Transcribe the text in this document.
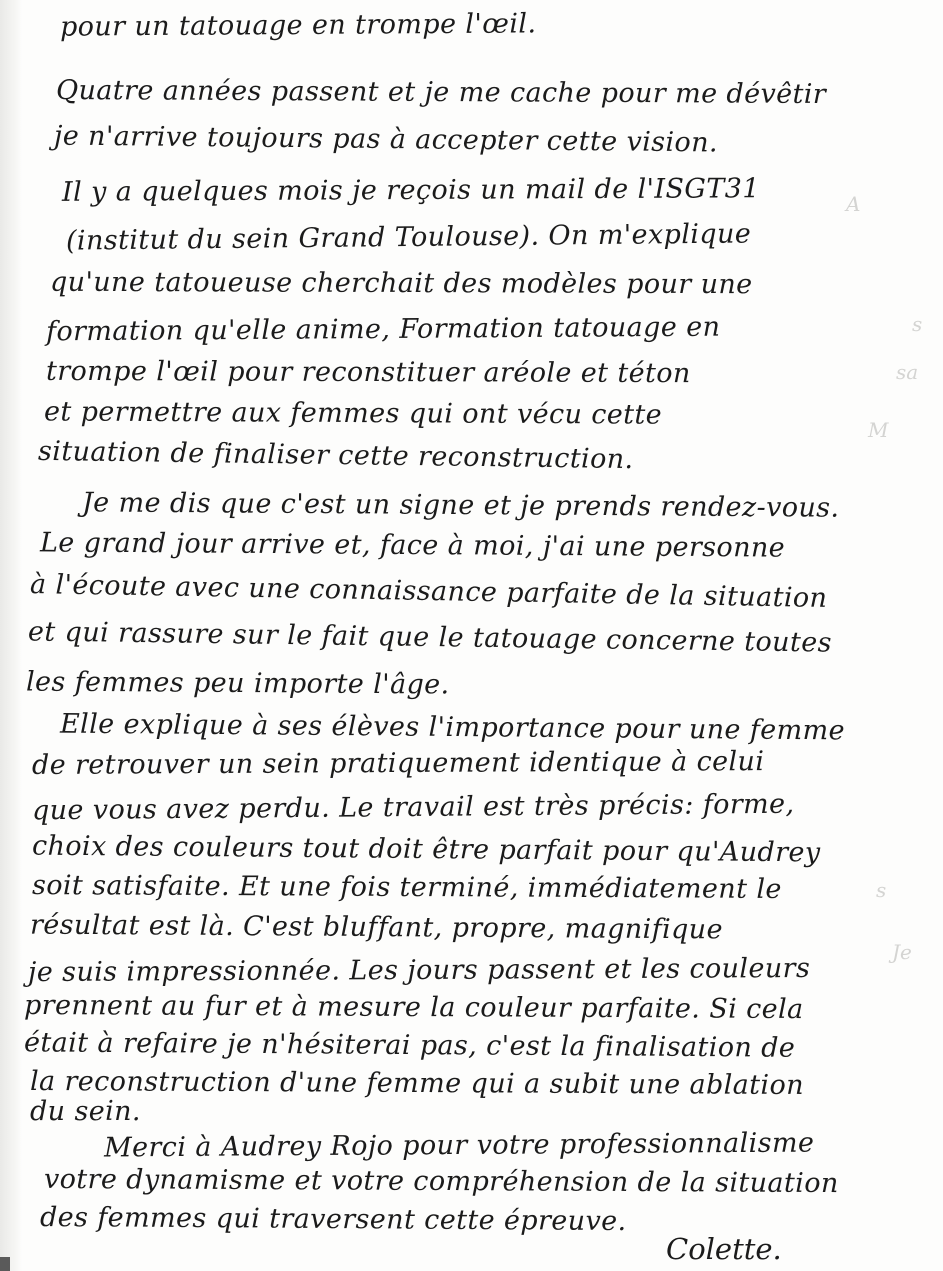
A
s
sa
M
s
Je
pour un tatouage en trompe l'œil.
Quatre années passent et je me cache pour me dévêtir
je n'arrive toujours pas à accepter cette vision.
Il y a quelques mois je reçois un mail de l'ISGT31
(institut du sein Grand Toulouse). On m'explique
qu'une tatoueuse cherchait des modèles pour une
formation qu'elle anime, Formation tatouage en
trompe l'œil pour reconstituer aréole et téton
et permettre aux femmes qui ont vécu cette
situation de finaliser cette reconstruction.
Je me dis que c'est un signe et je prends rendez-vous.
Le grand jour arrive et, face à moi, j'ai une personne
à l'écoute avec une connaissance parfaite de la situation
et qui rassure sur le fait que le tatouage concerne toutes
les femmes peu importe l'âge.
Elle explique à ses élèves l'importance pour une femme
de retrouver un sein pratiquement identique à celui
que vous avez perdu. Le travail est très précis: forme,
choix des couleurs tout doit être parfait pour qu'Audrey
soit satisfaite. Et une fois terminé, immédiatement le
résultat est là. C'est bluffant, propre, magnifique
je suis impressionnée. Les jours passent et les couleurs
prennent au fur et à mesure la couleur parfaite. Si cela
était à refaire je n'hésiterai pas, c'est la finalisation de
la reconstruction d'une femme qui a subit une ablation
du sein.
Merci à Audrey Rojo pour votre professionnalisme
votre dynamisme et votre compréhension de la situation
des femmes qui traversent cette épreuve.
Colette.
